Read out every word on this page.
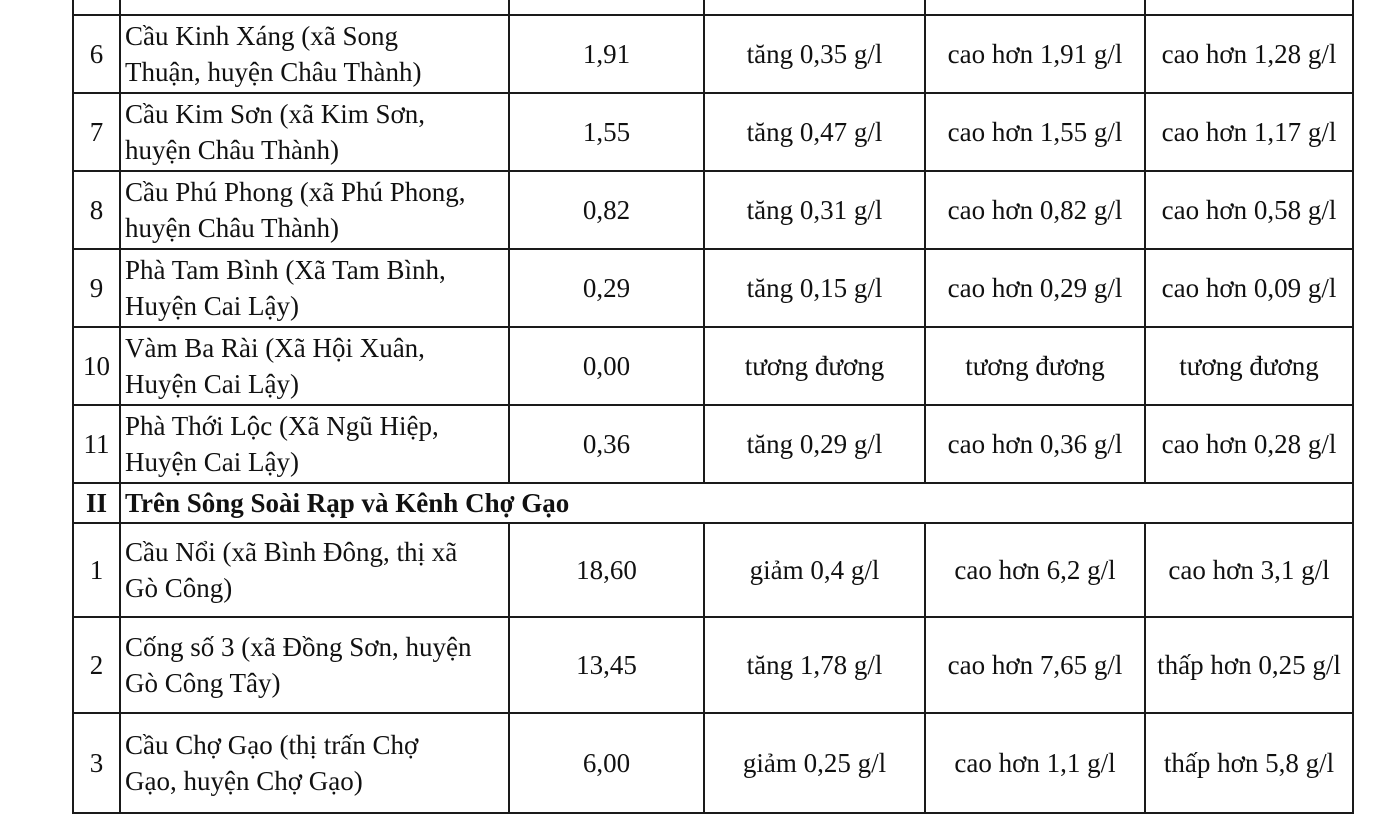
6	Cầu Kinh Xáng (xã Song
Thuận, huyện Châu Thành)	1,91	tăng 0,35 g/l	cao hơn 1,91 g/l	cao hơn 1,28 g/l
7	Cầu Kim Sơn (xã Kim Sơn,
huyện Châu Thành)	1,55	tăng 0,47 g/l	cao hơn 1,55 g/l	cao hơn 1,17 g/l
8	Cầu Phú Phong (xã Phú Phong,
huyện Châu Thành)	0,82	tăng 0,31 g/l	cao hơn 0,82 g/l	cao hơn 0,58 g/l
9	Phà Tam Bình (Xã Tam Bình,
Huyện Cai Lậy)	0,29	tăng 0,15 g/l	cao hơn 0,29 g/l	cao hơn 0,09 g/l
10	Vàm Ba Rài (Xã Hội Xuân,
Huyện Cai Lậy)	0,00	tương đương	tương đương	tương đương
11	Phà Thới Lộc (Xã Ngũ Hiệp,
Huyện Cai Lậy)	0,36	tăng 0,29 g/l	cao hơn 0,36 g/l	cao hơn 0,28 g/l
II	Trên Sông Soài Rạp và Kênh Chợ Gạo				
1	Cầu Nổi (xã Bình Đông, thị xã
Gò Công)	18,60	giảm 0,4 g/l	cao hơn 6,2 g/l	cao hơn 3,1 g/l
2	Cống số 3 (xã Đồng Sơn, huyện
Gò Công Tây)	13,45	tăng 1,78 g/l	cao hơn 7,65 g/l	thấp hơn 0,25 g/l
3	Cầu Chợ Gạo (thị trấn Chợ
Gạo, huyện Chợ Gạo)	6,00	giảm 0,25 g/l	cao hơn 1,1 g/l	thấp hơn 5,8 g/l
